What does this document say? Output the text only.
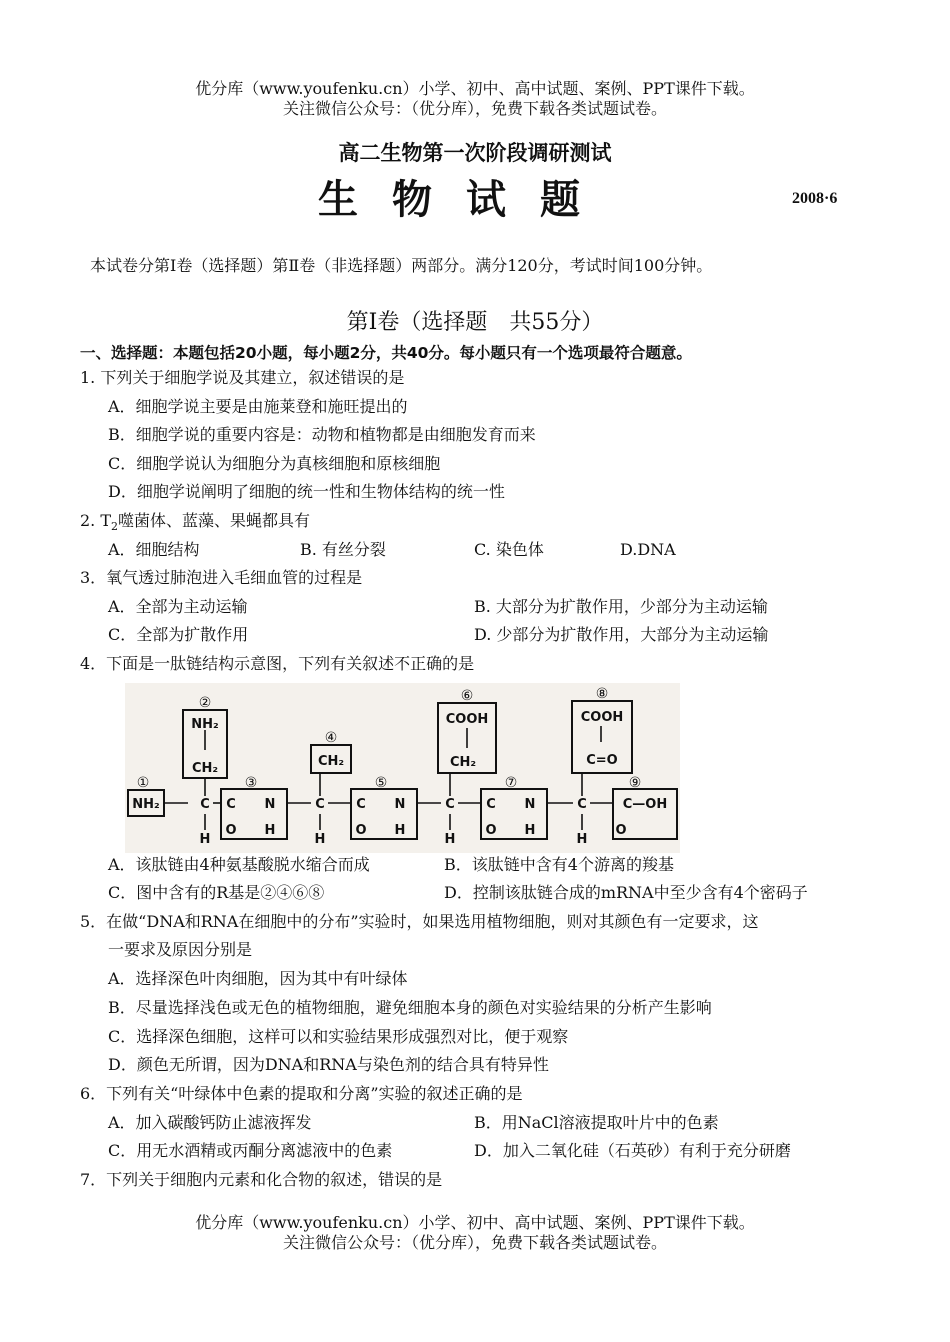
优分库（www.youfenku.cn）小学、初中、高中试题、案例、PPT课件下载。
关注微信公众号：（优分库），免费下载各类试题试卷。
高二生物第一次阶段调研测试
生物试题	2008·6
本试卷分第Ⅰ卷（选择题）第Ⅱ卷（非选择题）两部分。满分120分，考试时间100分钟。
第Ⅰ卷（选择题　共55分）
一、选择题：本题包括20小题，每小题2分，共40分。每小题只有一个选项最符合题意。
1. 下列关于细胞学说及其建立，叙述错误的是
A．细胞学说主要是由施莱登和施旺提出的
B．细胞学说的重要内容是：动物和植物都是由细胞发育而来
C．细胞学说认为细胞分为真核细胞和原核细胞
D．细胞学说阐明了细胞的统一性和生物体结构的统一性
2. $T_2$噬菌体、蓝藻、果蝇都具有
A．细胞结构	B. 有丝分裂	C. 染色体	D.DNA
3．氧气透过肺泡进入毛细血管的过程是
A．全部为主动运输	B. 大部分为扩散作用，少部分为主动运输
C．全部为扩散作用	D. 少部分为扩散作用，大部分为主动运输
4．下面是一肽链结构示意图，下列有关叙述不正确的是
NH₂
NH₂
CH₂
C
H
C
O
N
H
CH₂
C
H
C
O
N
H
COOH
CH₂
C
H
C
O
N
H
COOH
C=O
C
H
C—OH
O
①
②
③
④
⑤
⑥
⑦
⑧
⑨
A．该肽链由4种氨基酸脱水缩合而成	B．该肽链中含有4个游离的羧基
C．图中含有的R基是②④⑥⑧	D．控制该肽链合成的mRNA中至少含有4个密码子
5．在做“DNA和RNA在细胞中的分布”实验时，如果选用植物细胞，则对其颜色有一定要求，这
一要求及原因分别是
A．选择深色叶肉细胞，因为其中有叶绿体
B．尽量选择浅色或无色的植物细胞，避免细胞本身的颜色对实验结果的分析产生影响
C．选择深色细胞，这样可以和实验结果形成强烈对比，便于观察
D．颜色无所谓，因为DNA和RNA与染色剂的结合具有特异性
6．下列有关“叶绿体中色素的提取和分离”实验的叙述正确的是
A．加入碳酸钙防止滤液挥发	B．用NaCl溶液提取叶片中的色素
C．用无水酒精或丙酮分离滤液中的色素	D．加入二氧化硅（石英砂）有利于充分研磨
7．下列关于细胞内元素和化合物的叙述，错误的是
优分库（www.youfenku.cn）小学、初中、高中试题、案例、PPT课件下载。
关注微信公众号：（优分库），免费下载各类试题试卷。
